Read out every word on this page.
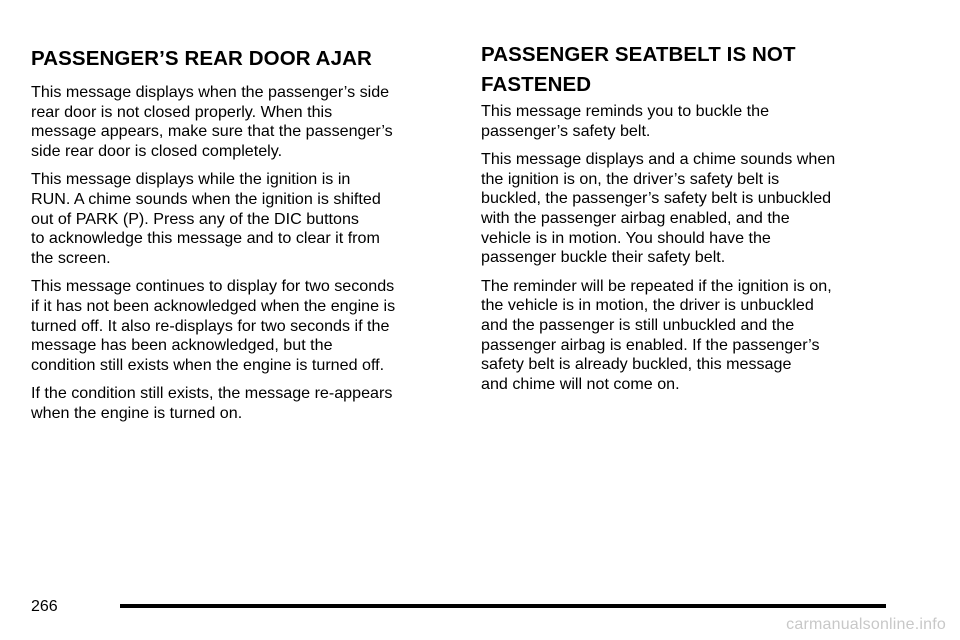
PASSENGER’S REAR DOOR AJAR

This message displays when the passenger’s side
rear door is not closed properly. When this
message appears, make sure that the passenger’s
side rear door is closed completely.

This message displays while the ignition is in
RUN. A chime sounds when the ignition is shifted
out of PARK (P). Press any of the DIC buttons
to acknowledge this message and to clear it from
the screen.

This message continues to display for two seconds
if it has not been acknowledged when the engine is
turned off. It also re-displays for two seconds if the
message has been acknowledged, but the
condition still exists when the engine is turned off.

If the condition still exists, the message re-appears
when the engine is turned on.

PASSENGER SEATBELT IS NOT
FASTENED

This message reminds you to buckle the
passenger’s safety belt.

This message displays and a chime sounds when
the ignition is on, the driver’s safety belt is
buckled, the passenger’s safety belt is unbuckled
with the passenger airbag enabled, and the
vehicle is in motion. You should have the
passenger buckle their safety belt.

The reminder will be repeated if the ignition is on,
the vehicle is in motion, the driver is unbuckled
and the passenger is still unbuckled and the
passenger airbag is enabled. If the passenger’s
safety belt is already buckled, this message
and chime will not come on.

266
carmanualsonline.info
